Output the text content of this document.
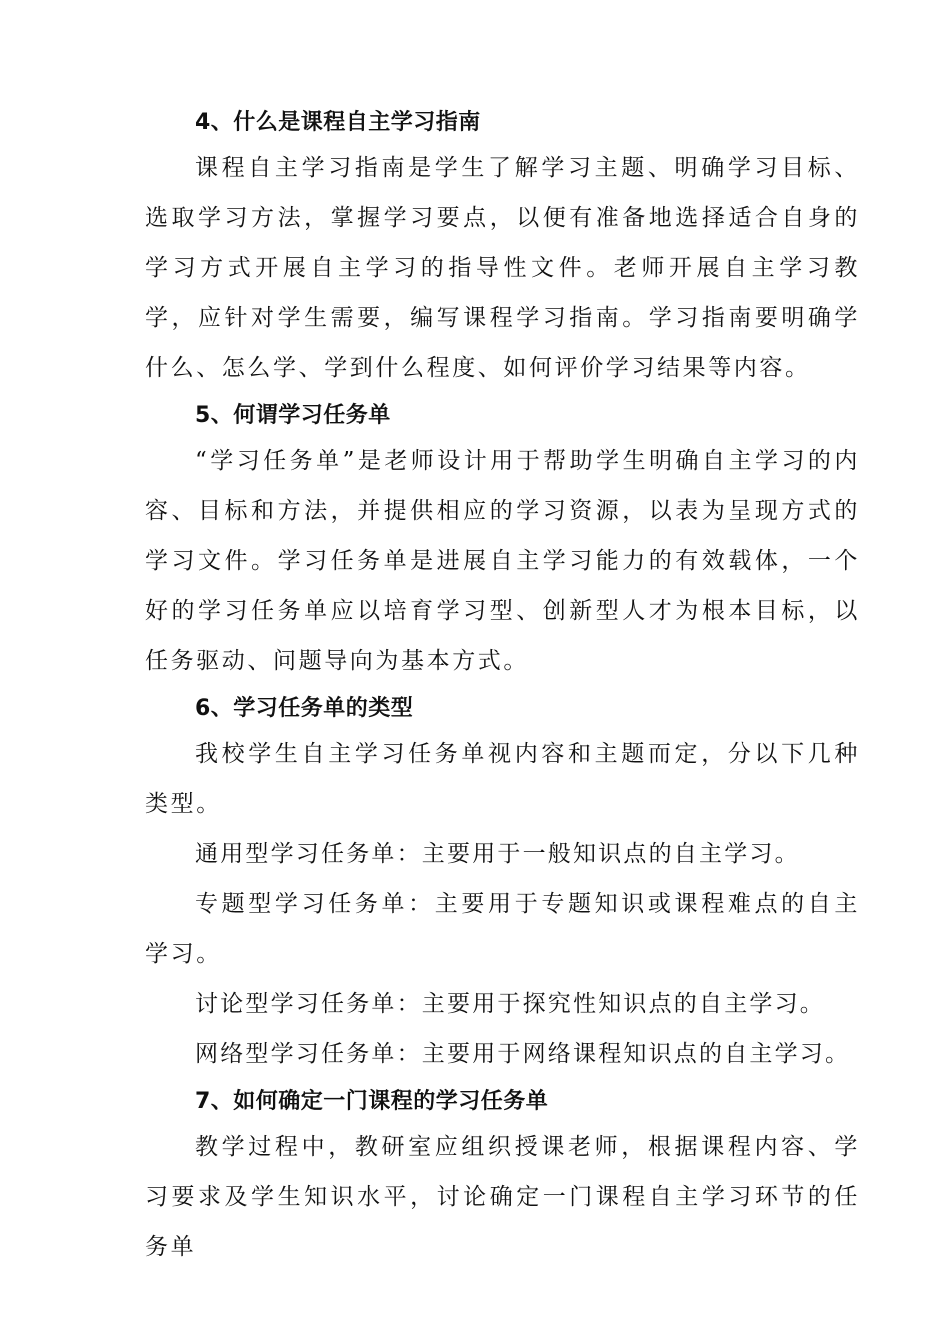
4、什么是课程自主学习指南

课程自主学习指南是学生了解学习主题、明确学习目标、选取学习方法，掌握学习要点，以便有准备地选择适合自身的学习方式开展自主学习的指导性文件。老师开展自主学习教学，应针对学生需要，编写课程学习指南。学习指南要明确学什么、怎么学、学到什么程度、如何评价学习结果等内容。

5、何谓学习任务单

“学习任务单”是老师设计用于帮助学生明确自主学习的内容、目标和方法，并提供相应的学习资源，以表为呈现方式的学习文件。学习任务单是进展自主学习能力的有效载体，一个好的学习任务单应以培育学习型、创新型人才为根本目标，以任务驱动、问题导向为基本方式。

6、学习任务单的类型

我校学生自主学习任务单视内容和主题而定，分以下几种类型。

通用型学习任务单：主要用于一般知识点的自主学习。

专题型学习任务单：主要用于专题知识或课程难点的自主学习。

讨论型学习任务单：主要用于探究性知识点的自主学习。

网络型学习任务单：主要用于网络课程知识点的自主学习。

7、如何确定一门课程的学习任务单

教学过程中，教研室应组织授课老师，根据课程内容、学习要求及学生知识水平，讨论确定一门课程自主学习环节的任务单
